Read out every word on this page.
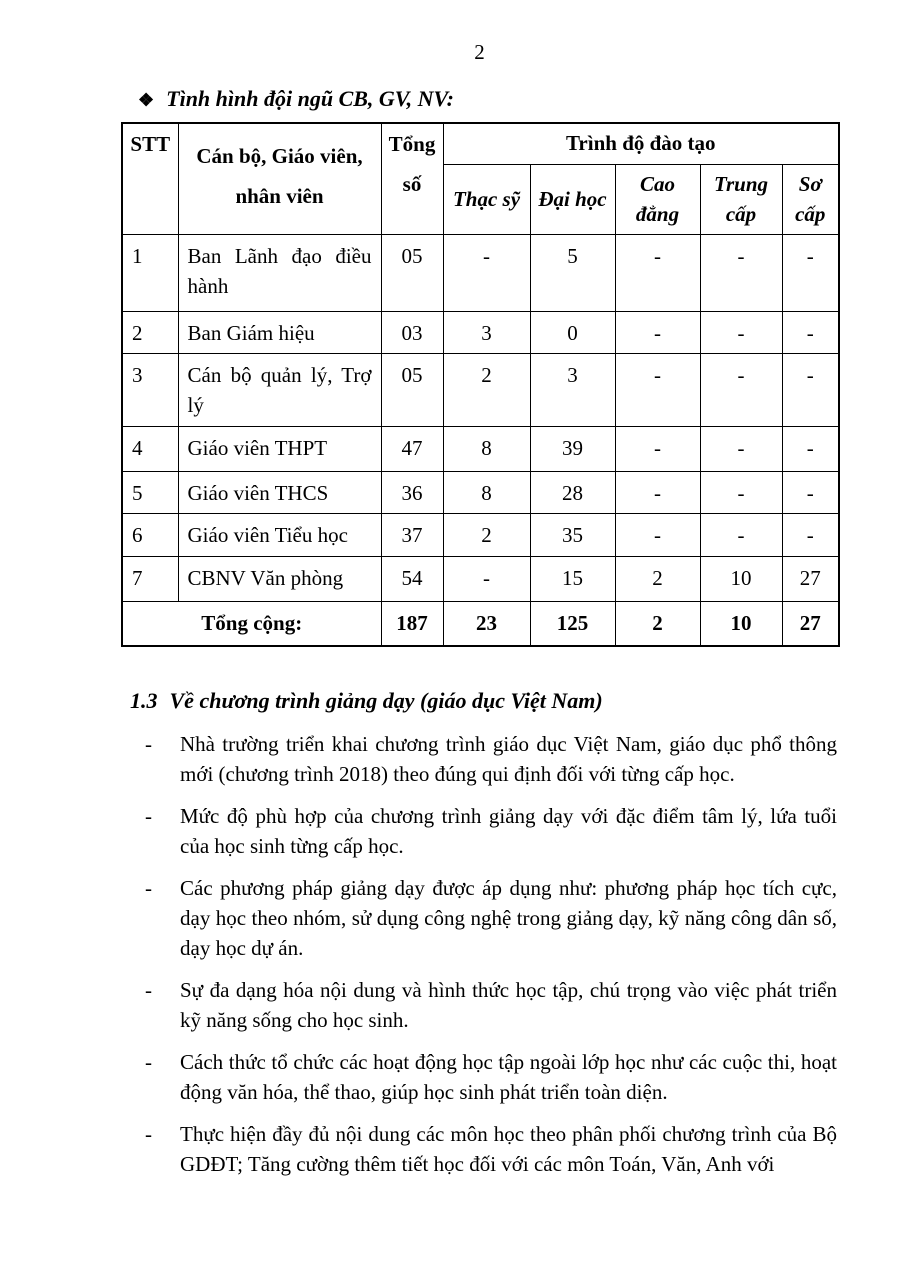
2
❖ Tình hình đội ngũ CB, GV, NV:
STT	Cán bộ, Giáo viên, nhân viên	Tổng số	Trình độ đào tạo				
			Thạc sỹ	Đại học	Cao đẳng	Trung cấp	Sơ cấp
1	Ban Lãnh đạo điều hành	05	-	5	-	-	-
2	Ban Giám hiệu	03	3	0	-	-	-
3	Cán bộ quản lý, Trợ lý	05	2	3	-	-	-
4	Giáo viên THPT	47	8	39	-	-	-
5	Giáo viên THCS	36	8	28	-	-	-
6	Giáo viên Tiểu học	37	2	35	-	-	-
7	CBNV Văn phòng	54	-	15	2	10	27
Tổng cộng:		187	23	125	2	10	27
1.3 Về chương trình giảng dạy (giáo dục Việt Nam)
-	Nhà trường triển khai chương trình giáo dục Việt Nam, giáo dục phổ thông mới (chương trình 2018) theo đúng qui định đối với từng cấp học.
-	Mức độ phù hợp của chương trình giảng dạy với đặc điểm tâm lý, lứa tuổi của học sinh từng cấp học.
-	Các phương pháp giảng dạy được áp dụng như: phương pháp học tích cực, dạy học theo nhóm, sử dụng công nghệ trong giảng dạy, kỹ năng công dân số, dạy học dự án.
-	Sự đa dạng hóa nội dung và hình thức học tập, chú trọng vào việc phát triển kỹ năng sống cho học sinh.
-	Cách thức tổ chức các hoạt động học tập ngoài lớp học như các cuộc thi, hoạt động văn hóa, thể thao, giúp học sinh phát triển toàn diện.
-	Thực hiện đầy đủ nội dung các môn học theo phân phối chương trình của Bộ GDĐT; Tăng cường thêm tiết học đối với các môn Toán, Văn, Anh với
